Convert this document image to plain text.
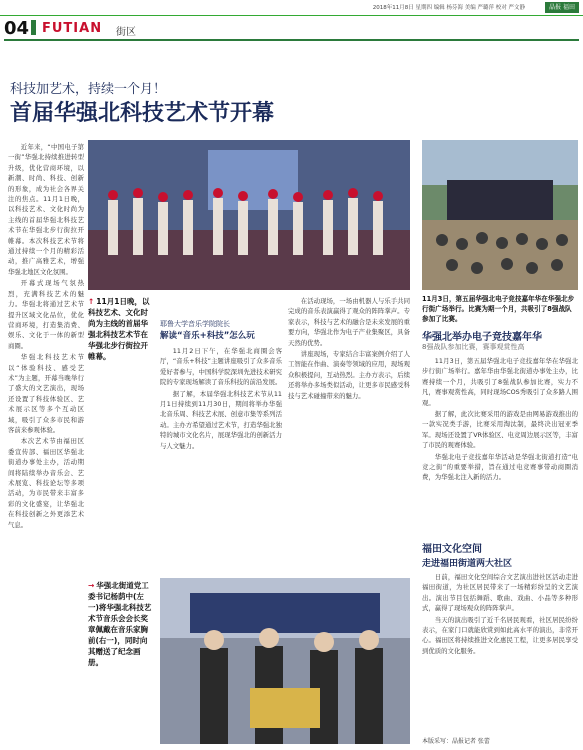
2018年11月8日 星期四 编辑 杨芬海 美编 严璐萍 校对 严文静	晶报 福田
04 FUTIAN 街区
科技加艺术，持续一个月！
首届华强北科技艺术节开幕

近年来，“中国电子第一街”华强北持续推进转型升级，优化营商环境，以新潮、时尚、科技、创新的形象，成为社会各界关注的焦点。11月1日晚，以科技艺术、文化时尚为主线的首届华强北科技艺术节在华强北步行街拉开帷幕。本次科技艺术节将通过持续一个月的精彩活动，推广高雅艺术，增强华强北地区文化氛围。

开幕式现场气氛热烈，充满科技艺术的魅力。华强北将通过艺术节提升区域文化品位，优化营商环境，打造集消费、娱乐、文化于一体的新型商圈。

华强北科技艺术节以“体验科技、感受艺术”为主题，开幕当晚举行了盛大的文艺演出，现场还设置了科技体验区、艺术展示区等多个互动区域，吸引了众多市民和游客前来参观体验。

本次艺术节由福田区委宣传部、福田区华强北街道办事处主办，活动期间将陆续举办音乐会、艺术展览、科技论坛等多项活动，为市民带来丰富多彩的文化盛宴，让华强北在科技创新之外更添艺术气息。

↑ 11月1日晚，以科技艺术、文化时尚为主线的首届华强北科技艺术节在华强北步行街拉开帷幕。
耶鲁大学音乐学院院长
解读“音乐+科技”怎么玩

11月2日下午，在华强北商圈会客厅，“音乐+科技”主题讲座吸引了众多音乐爱好者参与，中国科学院深圳先进技术研究院的专家现场解读了音乐科技的前沿发展。

据了解，本届华强北科技艺术节从11月1日持续到11月30日，期间将举办华强北音乐周、科技艺术展、创意市集等系列活动。主办方希望通过艺术节，打造华强北独特的城市文化名片，展现华强北的创新活力与人文魅力。

在活动现场，一场由机器人与乐手共同完成的音乐表演赢得了观众的阵阵掌声。专家表示，科技与艺术的融合是未来发展的重要方向，华强北作为电子产业集聚区，具备天然的优势。

讲座现场，专家结合丰富案例介绍了人工智能在作曲、演奏等领域的应用，现场观众积极提问，互动热烈。主办方表示，后续还将举办多场类似活动，让更多市民感受科技与艺术碰撞带来的魅力。

→ 华强北街道党工委书记杨荫中(左一)将华强北科技艺术节音乐会会长奖章佩戴在音乐家胸前(右一)，同时向其赠送了纪念画册。
11月3日，第五届华强北电子竞技嘉年华在华强北步行街广场举行。比赛为期一个月，共吸引了8强战队参加了比赛。
华强北举办电子竞技嘉年华
8强战队参加比赛，赛事观赏性高

11月3日，第五届华强北电子竞技嘉年华在华强北步行街广场举行。嘉年华由华强北街道办事处主办，比赛持续一个月，共吸引了8强战队参加比赛，实力不凡，赛事观赏性高，同时现场COS秀吸引了众多路人围观。

据了解，此次比赛采用的游戏是由网易游戏推出的一款实况类手游，比赛采用淘汰制，最终决出冠亚季军。现场还设置了VR体验区、电竞周边展示区等，丰富了市民的观赛体验。

华强北电子竞技嘉年华活动是华强北街道打造“电竞之街”的重要举措，旨在通过电竞赛事带动商圈消费，为华强北注入新的活力。

福田文化空间
走进福田街道两大社区

日前，福田文化空间综合文艺演出进社区活动走进福田街道，为社区居民带来了一场精彩纷呈的文艺演出。演出节目包括舞蹈、歌曲、戏曲、小品等多种形式，赢得了现场观众的阵阵掌声。

当天的演出吸引了近千名居民观看，社区居民纷纷表示，在家门口就能欣赏到如此高水平的演出，非常开心。福田区将持续推进文化惠民工程，让更多居民享受到优质的文化服务。

本版采写：晶报记者 张蕾
